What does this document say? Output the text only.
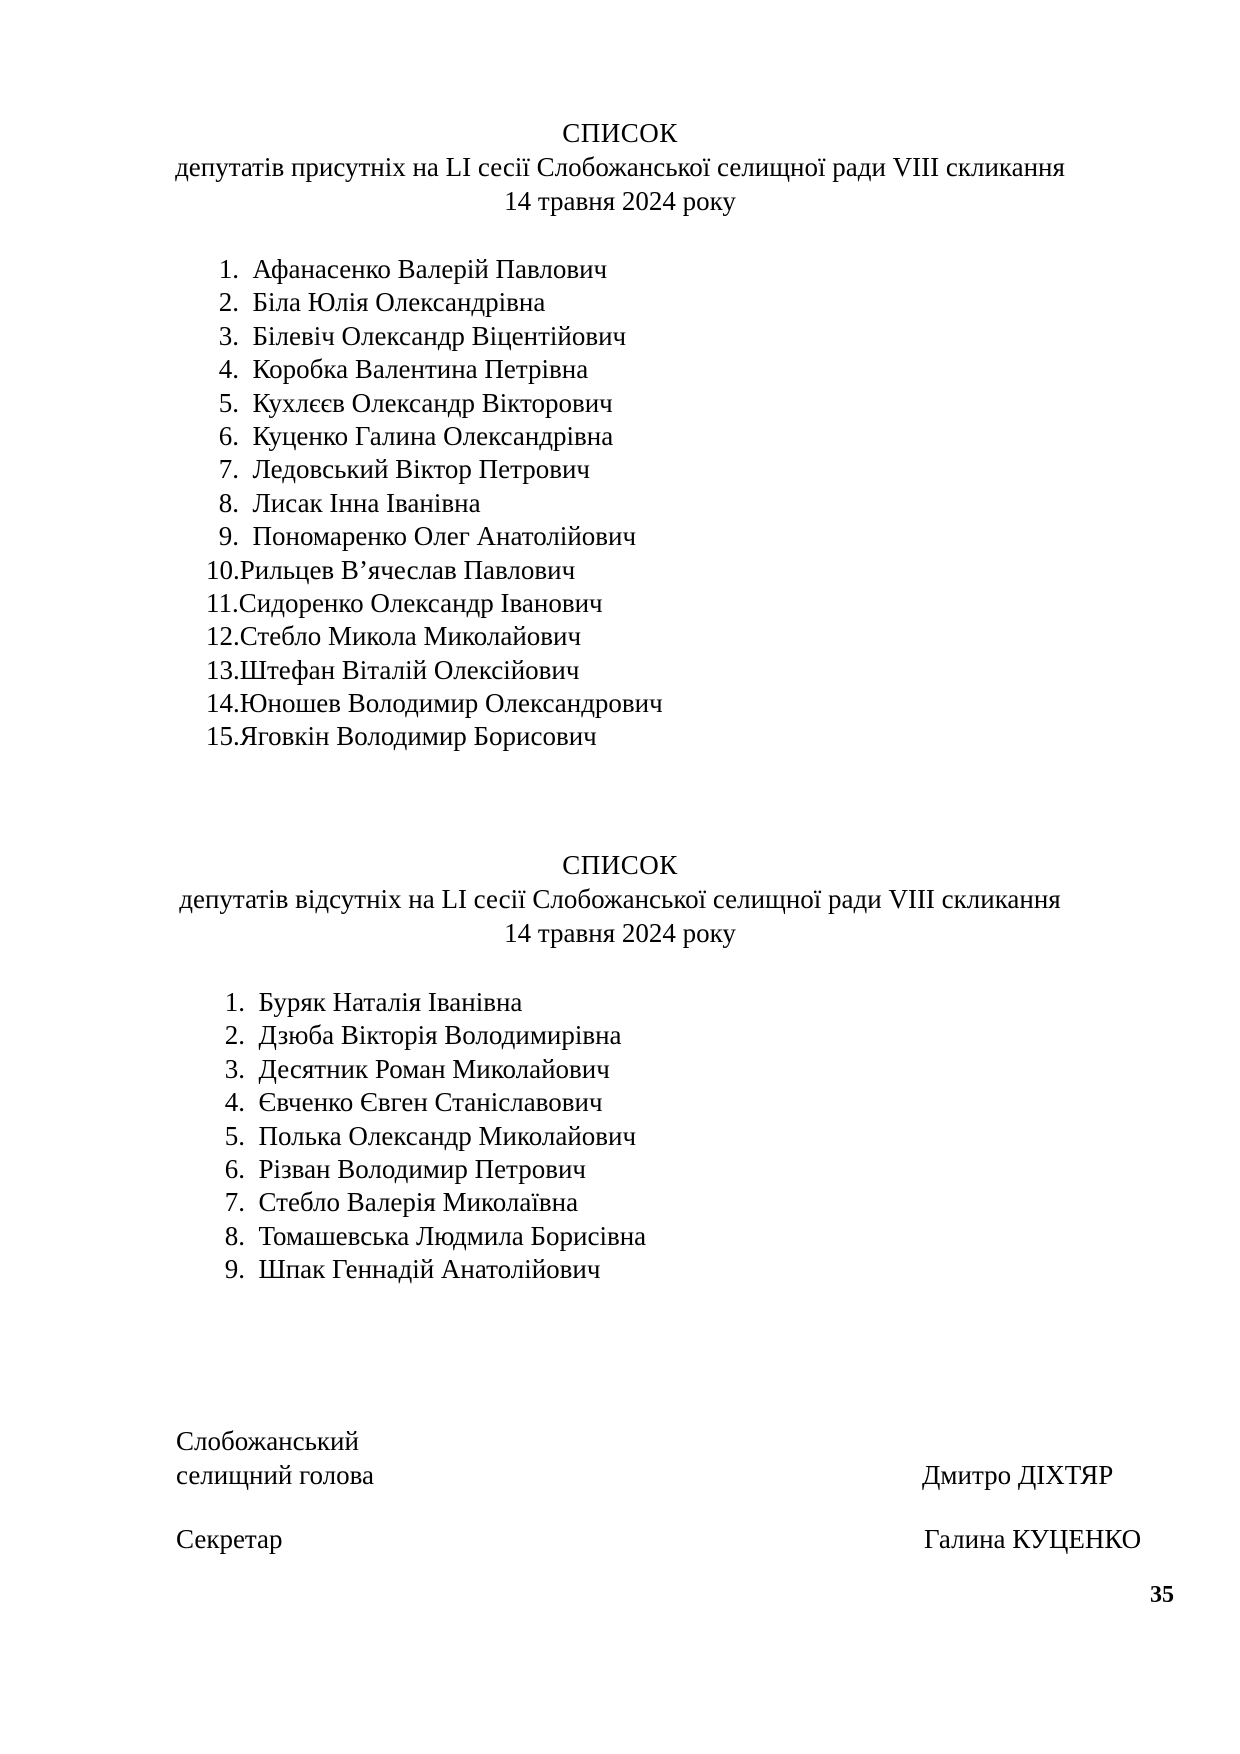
СПИСОК
депутатів присутніх на LI сесії Слобожанської селищної ради VIII скликання
14 травня 2024 року
1. Афанасенко Валерій Павлович
2. Біла Юлія Олександрівна
3. Білевіч Олександр Віцентійович
4. Коробка Валентина Петрівна
5. Кухлєєв Олександр Вікторович
6. Куценко Галина Олександрівна
7. Ледовський Віктор Петрович
8. Лисак Інна Іванівна
9. Пономаренко Олег Анатолійович
10.Рильцев В’ячеслав Павлович
11.Сидоренко Олександр Іванович
12.Стебло Микола Миколайович
13.Штефан Віталій Олексійович
14.Юношев Володимир Олександрович
15.Яговкін Володимир Борисович
СПИСОК
депутатів відсутніх на LI сесії Слобожанської селищної ради VIII скликання
14 травня 2024 року
1. Буряк Наталія Іванівна
2. Дзюба Вікторія Володимирівна
3. Десятник Роман Миколайович
4. Євченко Євген Станіславович
5. Полька Олександр Миколайович
6. Різван Володимир Петрович
7. Стебло Валерія Миколаївна
8. Томашевська Людмила Борисівна
9. Шпак Геннадій Анатолійович
Слобожанський
селищний голова	Дмитро ДІХТЯР
Секретар	Галина КУЦЕНКО
35
